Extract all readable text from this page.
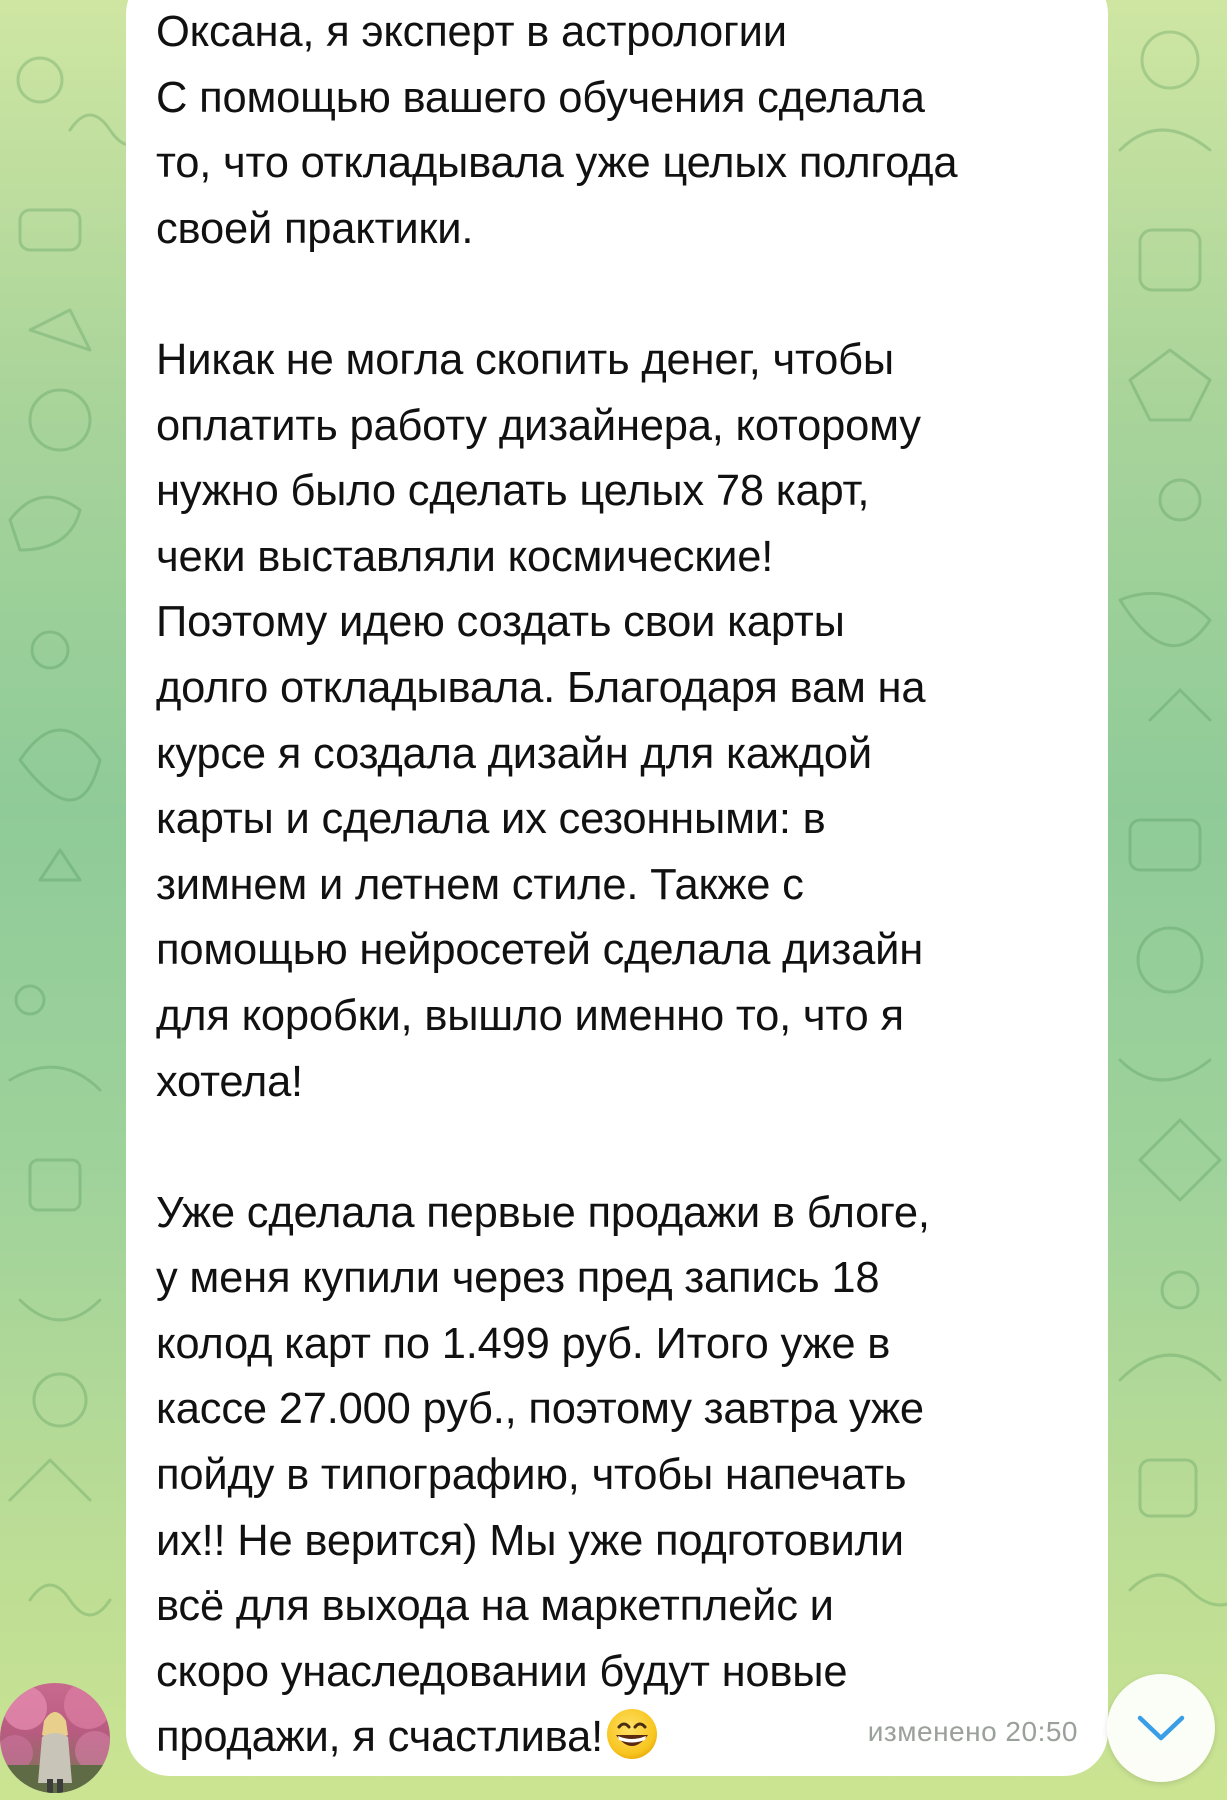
Оксана, я эксперт в астрологии
С помощью вашего обучения сделала
то, что откладывала уже целых полгода
своей практики.

Никак не могла скопить денег, чтобы
оплатить работу дизайнера, которому
нужно было сделать целых 78 карт,
чеки выставляли космические!
Поэтому идею создать свои карты
долго откладывала. Благодаря вам на
курсе я создала дизайн для каждой
карты и сделала их сезонными: в
зимнем и летнем стиле. Также с
помощью нейросетей сделала дизайн
для коробки, вышло именно то, что я
хотела!

Уже сделала первые продажи в блоге,
у меня купили через пред запись 18
колод карт по 1.499 руб. Итого уже в
кассе 27.000 руб., поэтому завтра уже
пойду в типографию, чтобы напечать
их!! Не верится) Мы уже подготовили
всё для выхода на маркетплейс и
скоро унаследовании будут новые
продажи, я счастлива!	изменено 20:50
